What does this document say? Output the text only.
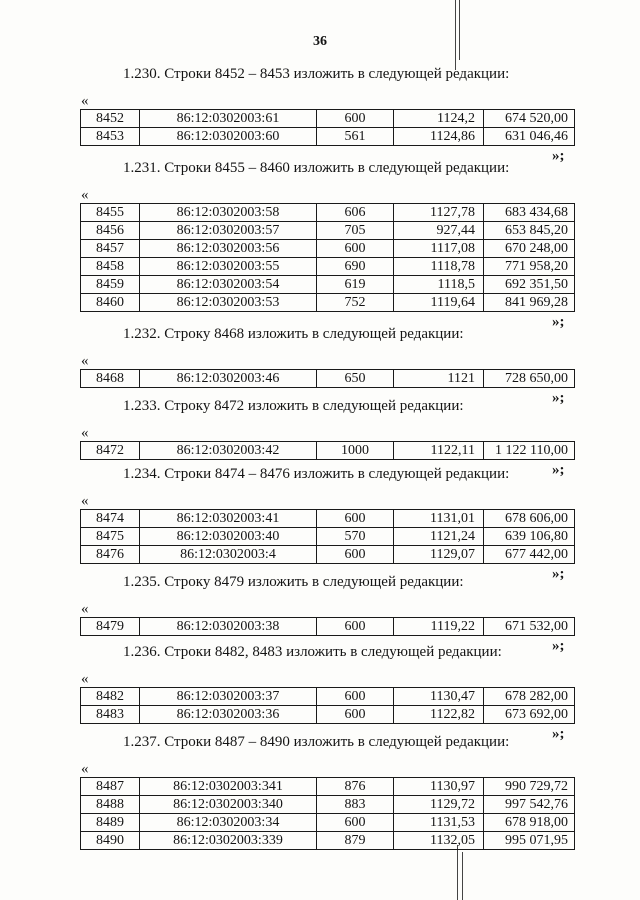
36
1.230. Строки 8452 – 8453 изложить в следующей редакции:
«
8452	86:12:0302003:61	600	1124,2	674 520,00
8453	86:12:0302003:60	561	1124,86	631 046,46
»;
1.231. Строки 8455 – 8460 изложить в следующей редакции:
«
8455	86:12:0302003:58	606	1127,78	683 434,68
8456	86:12:0302003:57	705	927,44	653 845,20
8457	86:12:0302003:56	600	1117,08	670 248,00
8458	86:12:0302003:55	690	1118,78	771 958,20
8459	86:12:0302003:54	619	1118,5	692 351,50
8460	86:12:0302003:53	752	1119,64	841 969,28
»;
1.232. Строку 8468 изложить в следующей редакции:
«
8468	86:12:0302003:46	650	1121	728 650,00
»;
1.233. Строку 8472 изложить в следующей редакции:
«
8472	86:12:0302003:42	1000	1122,11	1 122 110,00
»;
1.234. Строки 8474 – 8476 изложить в следующей редакции:
«
8474	86:12:0302003:41	600	1131,01	678 606,00
8475	86:12:0302003:40	570	1121,24	639 106,80
8476	86:12:0302003:4	600	1129,07	677 442,00
»;
1.235. Строку 8479 изложить в следующей редакции:
«
8479	86:12:0302003:38	600	1119,22	671 532,00
»;
1.236. Строки 8482, 8483 изложить в следующей редакции:
«
8482	86:12:0302003:37	600	1130,47	678 282,00
8483	86:12:0302003:36	600	1122,82	673 692,00
»;
1.237. Строки 8487 – 8490 изложить в следующей редакции:
«
8487	86:12:0302003:341	876	1130,97	990 729,72
8488	86:12:0302003:340	883	1129,72	997 542,76
8489	86:12:0302003:34	600	1131,53	678 918,00
8490	86:12:0302003:339	879	1132,05	995 071,95
